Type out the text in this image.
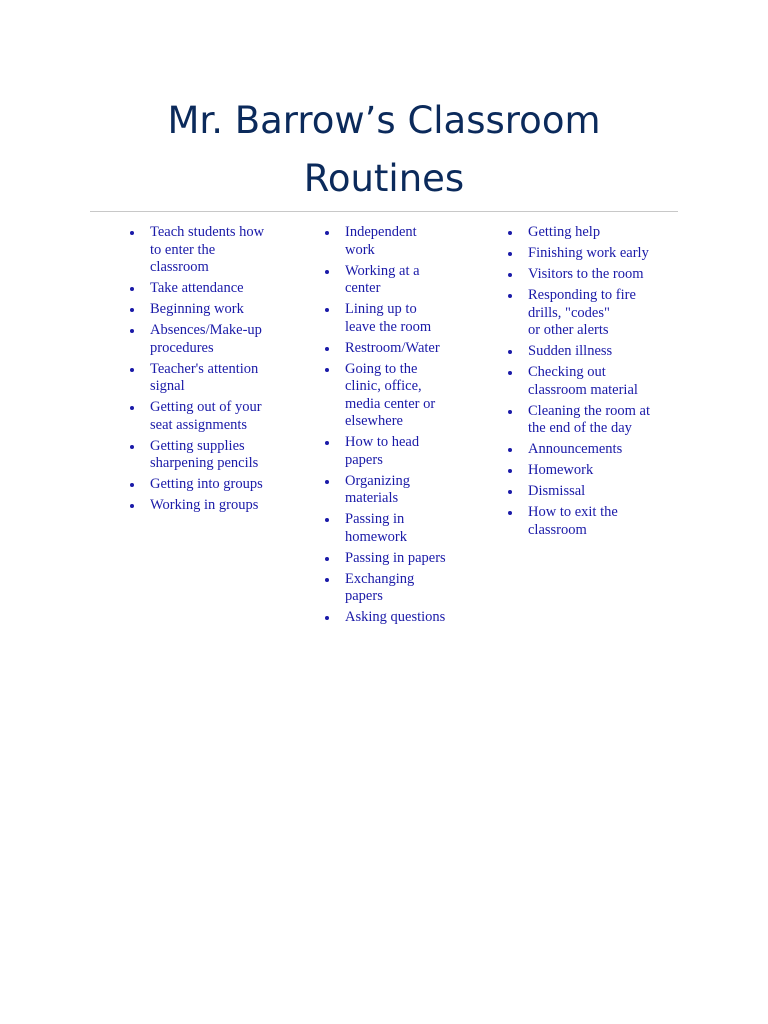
Mr. Barrow’s Classroom
Routines
Teach students how
to enter the
classroom
Take attendance
Beginning work
Absences/Make-up
procedures
Teacher's attention
signal
Getting out of your
seat assignments
Getting supplies
sharpening pencils
Getting into groups
Working in groups
Independent
work
Working at a
center
Lining up to
leave the room
Restroom/Water
Going to the
clinic, office,
media center or
elsewhere
How to head
papers
Organizing
materials
Passing in
homework
Passing in papers
Exchanging
papers
Asking questions
Getting help
Finishing work early
Visitors to the room
Responding to fire
drills, "codes"
or other alerts
Sudden illness
Checking out
classroom material
Cleaning the room at
the end of the day
Announcements
Homework
Dismissal
How to exit the
classroom
